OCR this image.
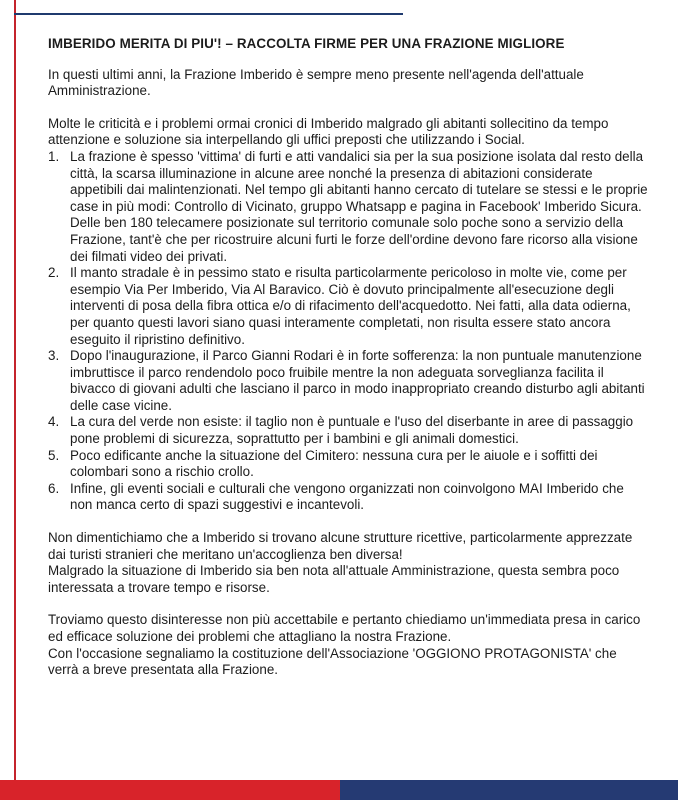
IMBERIDO MERITA DI PIU'! – RACCOLTA FIRME PER UNA FRAZIONE MIGLIORE

In questi ultimi anni, la Frazione Imberido è sempre meno presente nell'agenda dell'attuale Amministrazione.

Molte le criticità e i problemi ormai cronici di Imberido malgrado gli abitanti sollecitino da tempo attenzione e soluzione sia interpellando gli uffici preposti che utilizzando i Social.

1. La frazione è spesso 'vittima' di furti e atti vandalici sia per la sua posizione isolata dal resto della città, la scarsa illuminazione in alcune aree nonché la presenza di abitazioni considerate appetibili dai malintenzionati. Nel tempo gli abitanti hanno cercato di tutelare se stessi e le proprie case in più modi: Controllo di Vicinato, gruppo Whatsapp e pagina in Facebook' Imberido Sicura. Delle ben 180 telecamere posizionate sul territorio comunale solo poche sono a servizio della Frazione, tant'è che per ricostruire alcuni furti le forze dell'ordine devono fare ricorso alla visione dei filmati video dei privati.
2. Il manto stradale è in pessimo stato e risulta particolarmente pericoloso in molte vie, come per esempio Via Per Imberido, Via Al Baravico. Ciò è dovuto principalmente all'esecuzione degli interventi di posa della fibra ottica e/o di rifacimento dell'acquedotto. Nei fatti, alla data odierna, per quanto questi lavori siano quasi interamente completati, non risulta essere stato ancora eseguito il ripristino definitivo.
3. Dopo l'inaugurazione, il Parco Gianni Rodari è in forte sofferenza: la non puntuale manutenzione imbruttisce il parco rendendolo poco fruibile mentre la non adeguata sorveglianza facilita il bivacco di giovani adulti che lasciano il parco in modo inappropriato creando disturbo agli abitanti delle case vicine.
4. La cura del verde non esiste: il taglio non è puntuale e l'uso del diserbante in aree di passaggio pone problemi di sicurezza, soprattutto per i bambini e gli animali domestici.
5. Poco edificante anche la situazione del Cimitero: nessuna cura per le aiuole e i soffitti dei colombari sono a rischio crollo.
6. Infine, gli eventi sociali e culturali che vengono organizzati non coinvolgono MAI Imberido che non manca certo di spazi suggestivi e incantevoli.

Non dimentichiamo che a Imberido si trovano alcune strutture ricettive, particolarmente apprezzate dai turisti stranieri che meritano un'accoglienza ben diversa!

Malgrado la situazione di Imberido sia ben nota all'attuale Amministrazione, questa sembra poco interessata a trovare tempo e risorse.

Troviamo questo disinteresse non più accettabile e pertanto chiediamo un'immediata presa in carico ed efficace soluzione dei problemi che attagliano la nostra Frazione.

Con l'occasione segnaliamo la costituzione dell'Associazione 'OGGIONO PROTAGONISTA' che verrà a breve presentata alla Frazione.
